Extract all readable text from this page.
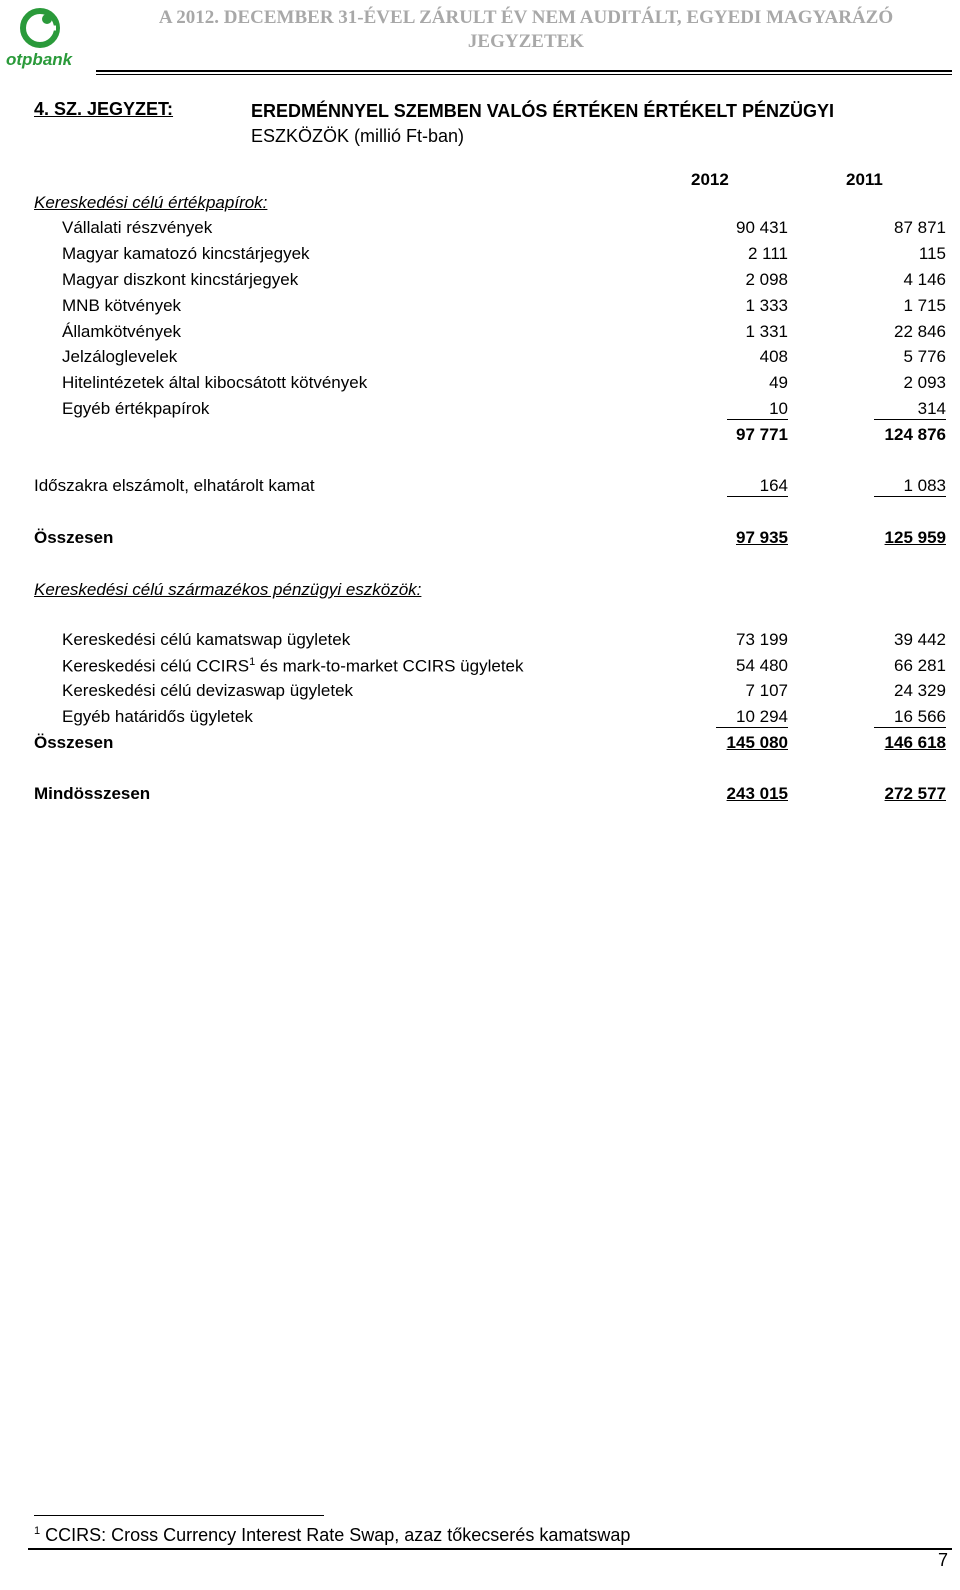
otpbank
A 2012. DECEMBER 31-ÉVEL ZÁRULT ÉV NEM AUDITÁLT, EGYEDI MAGYARÁZÓ JEGYZETEK
4. SZ. JEGYZET:	EREDMÉNNYEL SZEMBEN VALÓS ÉRTÉKEN ÉRTÉKELT PÉNZÜGYI
ESZKÖZÖK (millió Ft-ban)
2012	2011
Kereskedési célú értékpapírok:
Vállalati részvények	90 431	87 871
Magyar kamatozó kincstárjegyek	2 111	115
Magyar diszkont kincstárjegyek	2 098	4 146
MNB kötvények	1 333	1 715
Államkötvények	1 331	22 846
Jelzáloglevelek	408	5 776
Hitelintézetek által kibocsátott kötvények	49	2 093
Egyéb értékpapírok	10	314
97 771	124 876
Időszakra elszámolt, elhatárolt kamat	164	1 083
Összesen	97 935	125 959
Kereskedési célú származékos pénzügyi eszközök:
Kereskedési célú kamatswap ügyletek	73 199	39 442
Kereskedési célú CCIRS$^1$ és mark-to-market CCIRS ügyletek	54 480	66 281
Kereskedési célú devizaswap ügyletek	7 107	24 329
Egyéb határidős ügyletek	10 294	16 566
Összesen	145 080	146 618
Mindösszesen	243 015	272 577
$^1$ CCIRS: Cross Currency Interest Rate Swap, azaz tőkecserés kamatswap
7
